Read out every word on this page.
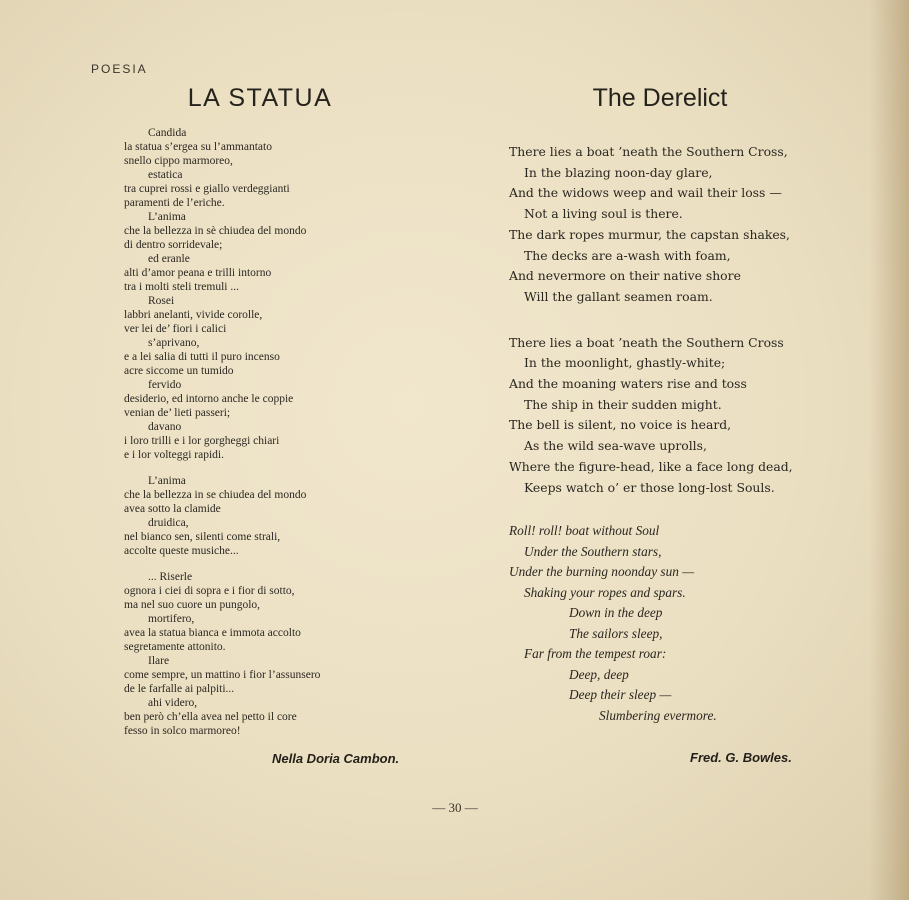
POESIA
LA STATUA	The Derelict
Candida
la statua s’ergea su l’ammantato
snello cippo marmoreo,
estatica
tra cuprei rossi e giallo verdeggianti
paramenti de l’eriche.
L’anima
che la bellezza in sè chiudea del mondo
di dentro sorridevale;
ed eranle
alti d’amor peana e trilli intorno
tra i molti steli tremuli ...
Rosei
labbri anelanti, vivide corolle,
ver lei de’ fiori i calici
s’aprivano,
e a lei salia di tutti il puro incenso
acre siccome un tumido
fervido
desiderio, ed intorno anche le coppie
venian de’ lieti passeri;
davano
i loro trilli e i lor gorgheggi chiari
e i lor volteggi rapidi.
L’anima
che la bellezza in se chiudea del mondo
avea sotto la clamide
druidica,
nel bianco sen, silenti come strali,
accolte queste musiche...
... Riserle
ognora i ciei di sopra e i fior di sotto,
ma nel suo cuore un pungolo,
mortifero,
avea la statua bianca e immota accolto
segretamente attonito.
Ilare
come sempre, un mattino i fior l’assunsero
de le farfalle ai palpiti...
ahi videro,
ben però ch’ella avea nel petto il core
fesso in solco marmoreo!
There lies a boat ’neath the Southern Cross,
In the blazing noon-day glare,
And the widows weep and wail their loss —
Not a living soul is there.
The dark ropes murmur, the capstan shakes,
The decks are a-wash with foam,
And nevermore on their native shore
Will the gallant seamen roam.
There lies a boat ’neath the Southern Cross
In the moonlight, ghastly-white;
And the moaning waters rise and toss
The ship in their sudden might.
The bell is silent, no voice is heard,
As the wild sea-wave uprolls,
Where the figure-head, like a face long dead,
Keeps watch o’ er those long-lost Souls.
Roll! roll! boat without Soul
Under the Southern stars,
Under the burning noonday sun —
Shaking your ropes and spars.
Down in the deep
The sailors sleep,
Far from the tempest roar:
Deep, deep
Deep their sleep —
Slumbering evermore.
Nella Doria Cambon.	Fred. G. Bowles.
— 30 —
